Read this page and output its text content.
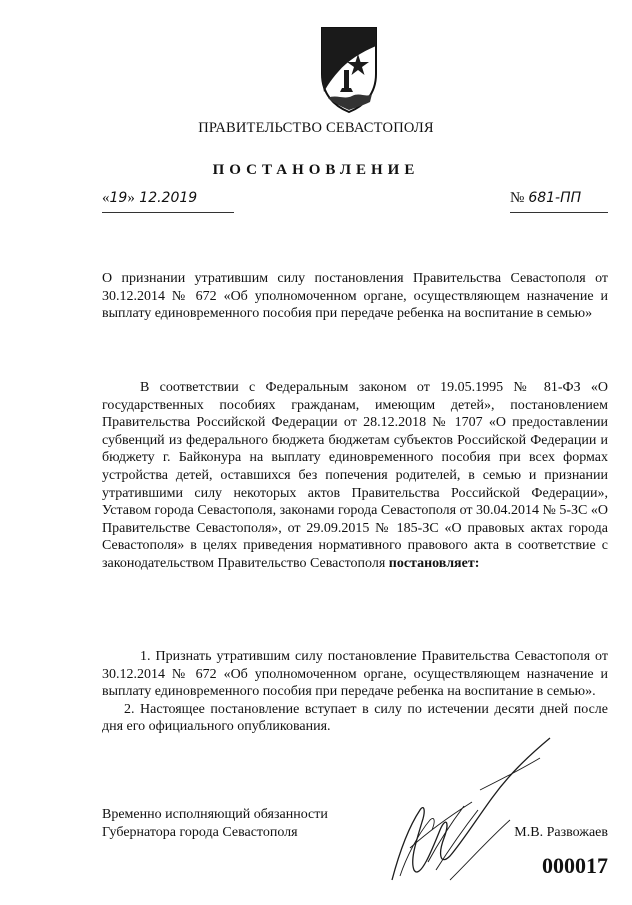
ПРАВИТЕЛЬСТВО СЕВАСТОПОЛЯ
ПОСТАНОВЛЕНИЕ
«19» 12.2019	№ 681-ПП
О признании утратившим силу постановления Правительства Севастополя от 30.12.2014 № 672 «Об уполномоченном органе, осуществляющем назначение и выплату единовременного пособия при передаче ребенка на воспитание в семью»
В соответствии с Федеральным законом от 19.05.1995 № 81-ФЗ «О государственных пособиях гражданам, имеющим детей», постановлением Правительства Российской Федерации от 28.12.2018 № 1707 «О предоставлении субвенций из федерального бюджета бюджетам субъектов Российской Федерации и бюджету г. Байконура на выплату единовременного пособия при всех формах устройства детей, оставшихся без попечения родителей, в семью и признании утратившими силу некоторых актов Правительства Российской Федерации», Уставом города Севастополя, законами города Севастополя от 30.04.2014 № 5-ЗС «О Правительстве Севастополя», от 29.09.2015 № 185-ЗС «О правовых актах города Севастополя» в целях приведения нормативного правового акта в соответствие с законодательством Правительство Севастополя постановляет:

1. Признать утратившим силу постановление Правительства Севастополя от 30.12.2014 № 672 «Об уполномоченном органе, осуществляющем назначение и выплату единовременного пособия при передаче ребенка на воспитание в семью».

2. Настоящее постановление вступает в силу по истечении десяти дней после дня его официального опубликования.

Временно исполняющий обязанности
Губернатора города Севастополя	М.В. Развожаев
000017
